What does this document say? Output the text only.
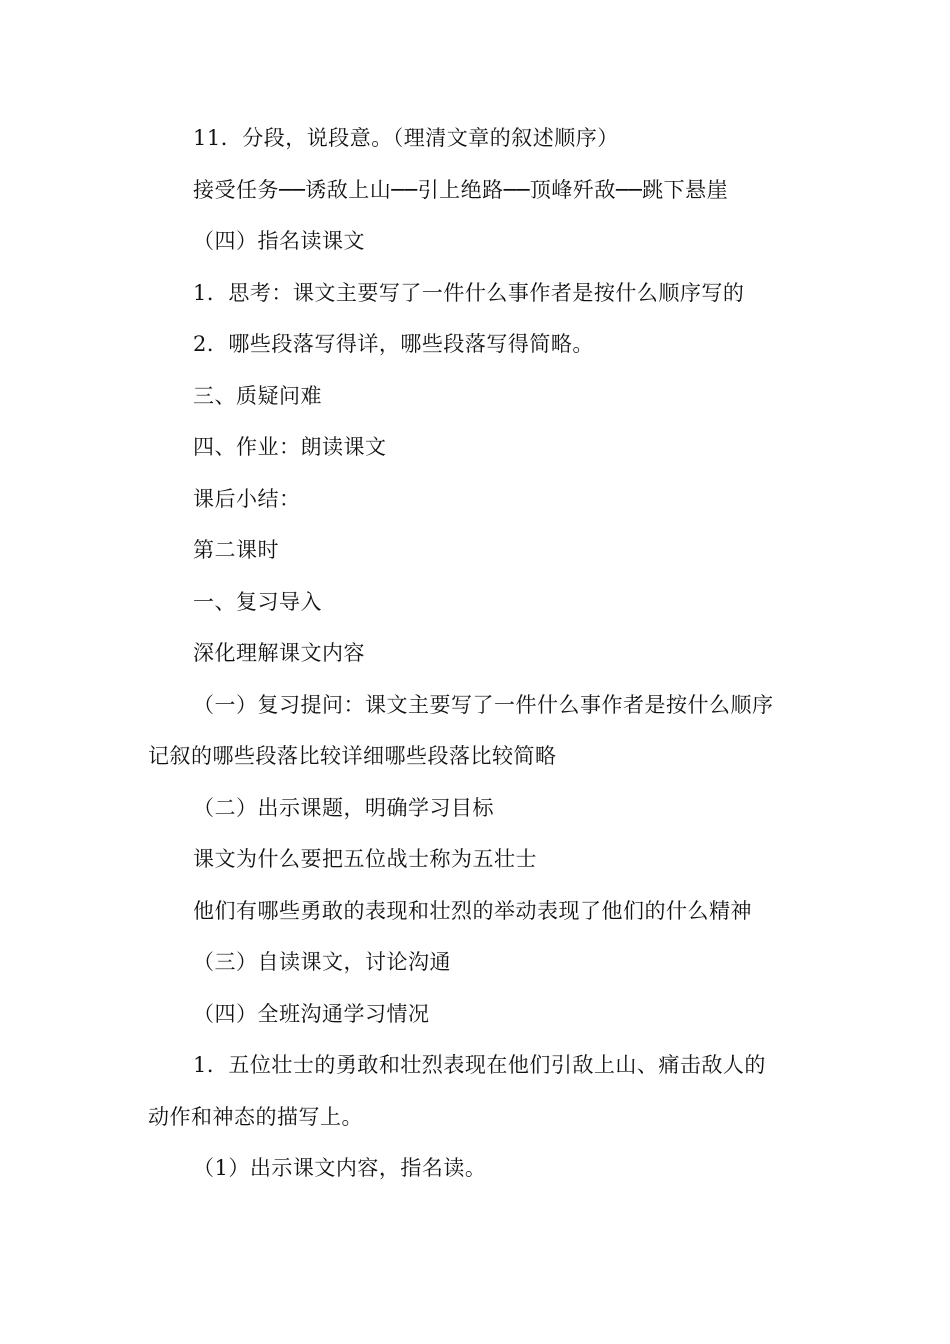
11．分段，说段意。（理清文章的叙述顺序）
接受任务──诱敌上山──引上绝路──顶峰歼敌──跳下悬崖
（四）指名读课文
1．思考：课文主要写了一件什么事作者是按什么顺序写的
2．哪些段落写得详，哪些段落写得简略。
三、质疑问难
四、作业：朗读课文
课后小结：
第二课时
一、复习导入
深化理解课文内容
（一）复习提问：课文主要写了一件什么事作者是按什么顺序
记叙的哪些段落比较详细哪些段落比较简略
（二）出示课题，明确学习目标
课文为什么要把五位战士称为五壮士
他们有哪些勇敢的表现和壮烈的举动表现了他们的什么精神
（三）自读课文，讨论沟通
（四）全班沟通学习情况
1．五位壮士的勇敢和壮烈表现在他们引敌上山、痛击敌人的
动作和神态的描写上。
（1）出示课文内容，指名读。
